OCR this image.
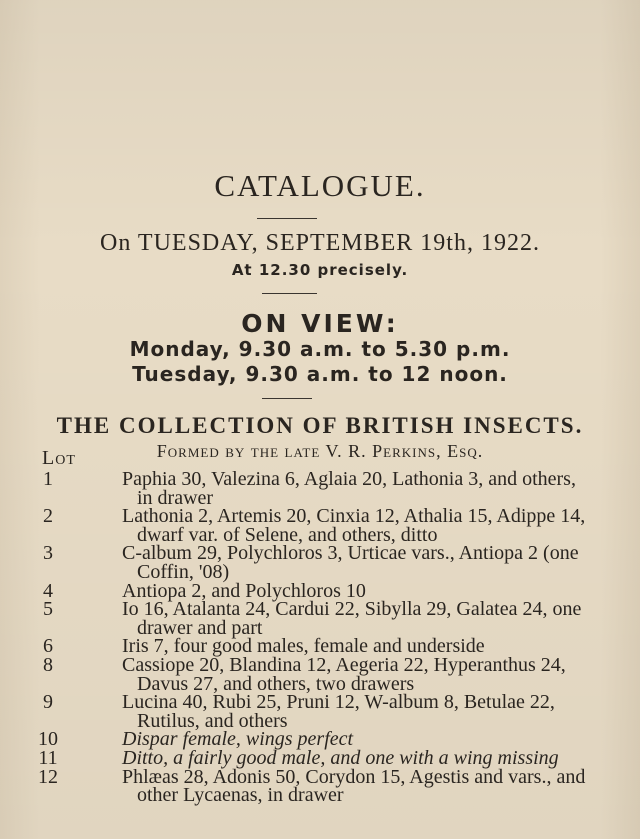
CATALOGUE.
On TUESDAY, SEPTEMBER 19th, 1922.
At 12.30 precisely.
ON VIEW:
Monday, 9.30 a.m. to 5.30 p.m.
Tuesday, 9.30 a.m. to 12 noon.
THE COLLECTION OF BRITISH INSECTS.
Formed by the late V. R. Perkins, Esq.
Lot
1	Paphia 30, Valezina 6, Aglaia 20, Lathonia 3, and others,
in drawer
2	Lathonia 2, Artemis 20, Cinxia 12, Athalia 15, Adippe 14,
dwarf var. of Selene, and others, ditto
3	C-album 29, Polychloros 3, Urticae vars., Antiopa 2 (one
Coffin, '08)
4	Antiopa 2, and Polychloros 10
5	Io 16, Atalanta 24, Cardui 22, Sibylla 29, Galatea 24, one
drawer and part
6	Iris 7, four good males, female and underside
8	Cassiope 20, Blandina 12, Aegeria 22, Hyperanthus 24,
Davus 27, and others, two drawers
9	Lucina 40, Rubi 25, Pruni 12, W-album 8, Betulae 22,
Rutilus, and others
10	Dispar female, wings perfect
11	Ditto, a fairly good male, and one with a wing missing
12	Phlæas 28, Adonis 50, Corydon 15, Agestis and vars., and
other Lycaenas, in drawer
